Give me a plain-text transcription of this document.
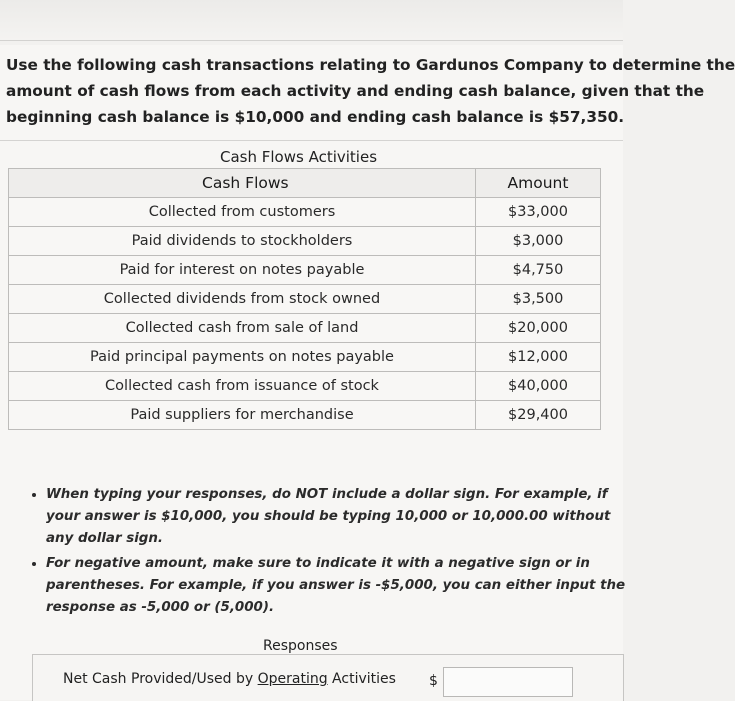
Use the following cash transactions relating to Gardunos Company to determine the
amount of cash flows from each activity and ending cash balance, given that the
beginning cash balance is $10,000 and ending cash balance is $57,350.
Cash Flows Activities
Cash Flows	Amount
Collected from customers	$33,000
Paid dividends to stockholders	$3,000
Paid for interest on notes payable	$4,750
Collected dividends from stock owned	$3,500
Collected cash from sale of land	$20,000
Paid principal payments on notes payable	$12,000
Collected cash from issuance of stock	$40,000
Paid suppliers for merchandise	$29,400
• When typing your responses, do NOT include a dollar sign. For example, if your answer is $10,000, you should be typing 10,000 or 10,000.00 without any dollar sign.
• For negative amount, make sure to indicate it with a negative sign or in parentheses. For example, if you answer is -$5,000, you can either input the response as -5,000 or (5,000).
Responses
Net Cash Provided/Used by Operating Activities $
